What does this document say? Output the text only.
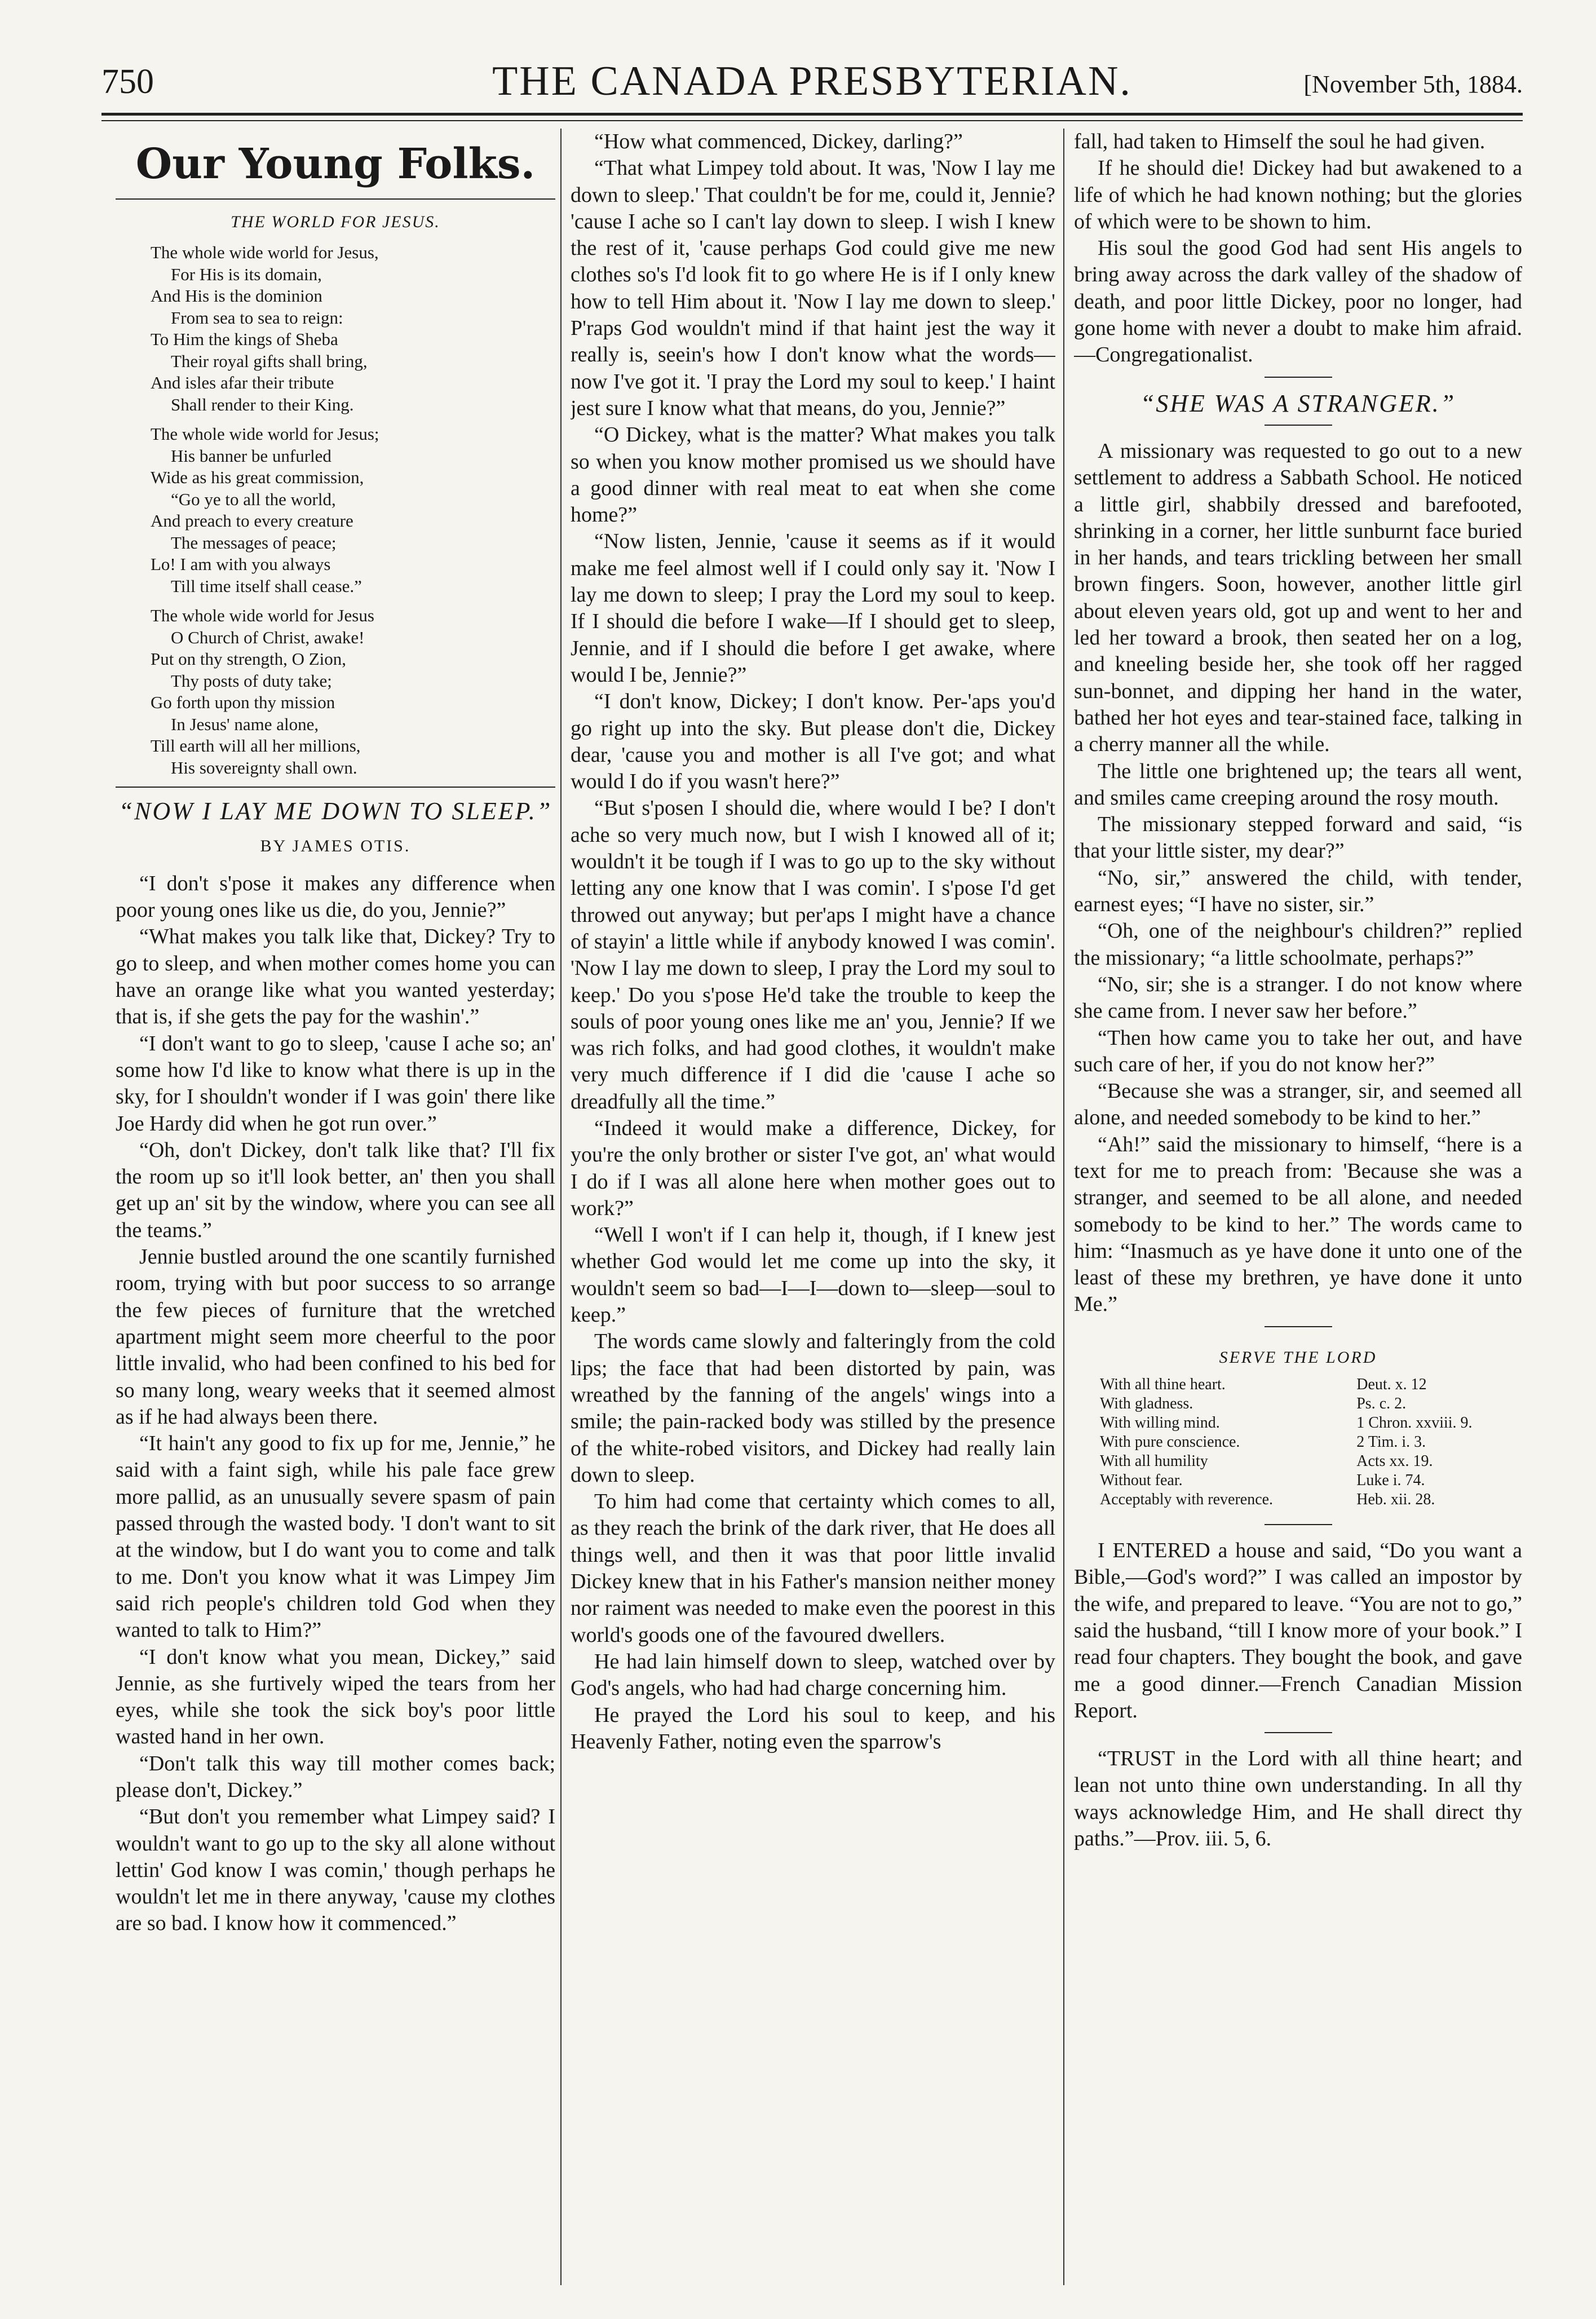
750	THE CANADA PRESBYTERIAN.	[November 5th, 1884.
Our Young Folks.
THE WORLD FOR JESUS.
The whole wide world for Jesus,
For His is its domain,
And His is the dominion
From sea to sea to reign:
To Him the kings of Sheba
Their royal gifts shall bring,
And isles afar their tribute
Shall render to their King.
The whole wide world for Jesus;
His banner be unfurled
Wide as his great commission,
“Go ye to all the world,
And preach to every creature
The messages of peace;
Lo! I am with you always
Till time itself shall cease.”
The whole wide world for Jesus
O Church of Christ, awake!
Put on thy strength, O Zion,
Thy posts of duty take;
Go forth upon thy mission
In Jesus' name alone,
Till earth will all her millions,
His sovereignty shall own.
“NOW I LAY ME DOWN TO SLEEP.”
BY JAMES OTIS.

“I don't s'pose it makes any difference when poor young ones like us die, do you, Jennie?”

“What makes you talk like that, Dickey? Try to go to sleep, and when mother comes home you can have an orange like what you wanted yesterday; that is, if she gets the pay for the washin'.”

“I don't want to go to sleep, 'cause I ache so; an' some how I'd like to know what there is up in the sky, for I shouldn't wonder if I was goin' there like Joe Hardy did when he got run over.”

“Oh, don't Dickey, don't talk like that? I'll fix the room up so it'll look better, an' then you shall get up an' sit by the window, where you can see all the teams.”

Jennie bustled around the one scantily furnished room, trying with but poor success to so arrange the few pieces of furniture that the wretched apartment might seem more cheerful to the poor little invalid, who had been confined to his bed for so many long, weary weeks that it seemed almost as if he had always been there.

“It hain't any good to fix up for me, Jennie,” he said with a faint sigh, while his pale face grew more pallid, as an unusually severe spasm of pain passed through the wasted body. 'I don't want to sit at the window, but I do want you to come and talk to me. Don't you know what it was Limpey Jim said rich people's children told God when they wanted to talk to Him?”

“I don't know what you mean, Dickey,” said Jennie, as she furtively wiped the tears from her eyes, while she took the sick boy's poor little wasted hand in her own.

“Don't talk this way till mother comes back; please don't, Dickey.”

“But don't you remember what Limpey said? I wouldn't want to go up to the sky all alone without lettin' God know I was comin,' though perhaps he wouldn't let me in there anyway, 'cause my clothes are so bad. I know how it commenced.”

“How what commenced, Dickey, darling?”

“That what Limpey told about. It was, 'Now I lay me down to sleep.' That couldn't be for me, could it, Jennie? 'cause I ache so I can't lay down to sleep. I wish I knew the rest of it, 'cause perhaps God could give me new clothes so's I'd look fit to go where He is if I only knew how to tell Him about it. 'Now I lay me down to sleep.' P'raps God wouldn't mind if that haint jest the way it really is, seein's how I don't know what the words—now I've got it. 'I pray the Lord my soul to keep.' I haint jest sure I know what that means, do you, Jennie?”

“O Dickey, what is the matter? What makes you talk so when you know mother promised us we should have a good dinner with real meat to eat when she come home?”

“Now listen, Jennie, 'cause it seems as if it would make me feel almost well if I could only say it. 'Now I lay me down to sleep; I pray the Lord my soul to keep. If I should die before I wake—If I should get to sleep, Jennie, and if I should die before I get awake, where would I be, Jennie?”

“I don't know, Dickey; I don't know. Per-'aps you'd go right up into the sky. But please don't die, Dickey dear, 'cause you and mother is all I've got; and what would I do if you wasn't here?”

“But s'posen I should die, where would I be? I don't ache so very much now, but I wish I knowed all of it; wouldn't it be tough if I was to go up to the sky without letting any one know that I was comin'. I s'pose I'd get throwed out anyway; but per'aps I might have a chance of stayin' a little while if anybody knowed I was comin'. 'Now I lay me down to sleep, I pray the Lord my soul to keep.' Do you s'pose He'd take the trouble to keep the souls of poor young ones like me an' you, Jennie? If we was rich folks, and had good clothes, it wouldn't make very much difference if I did die 'cause I ache so dreadfully all the time.”

“Indeed it would make a difference, Dickey, for you're the only brother or sister I've got, an' what would I do if I was all alone here when mother goes out to work?”

“Well I won't if I can help it, though, if I knew jest whether God would let me come up into the sky, it wouldn't seem so bad—I—I—down to—sleep—soul to keep.”

The words came slowly and falteringly from the cold lips; the face that had been distorted by pain, was wreathed by the fanning of the angels' wings into a smile; the pain-racked body was stilled by the presence of the white-robed visitors, and Dickey had really lain down to sleep.

To him had come that certainty which comes to all, as they reach the brink of the dark river, that He does all things well, and then it was that poor little invalid Dickey knew that in his Father's mansion neither money nor raiment was needed to make even the poorest in this world's goods one of the favoured dwellers.

He had lain himself down to sleep, watched over by God's angels, who had had charge concerning him.

He prayed the Lord his soul to keep, and his Heavenly Father, noting even the sparrow's

fall, had taken to Himself the soul he had given.

If he should die! Dickey had but awakened to a life of which he had known nothing; but the glories of which were to be shown to him.

His soul the good God had sent His angels to bring away across the dark valley of the shadow of death, and poor little Dickey, poor no longer, had gone home with never a doubt to make him afraid.—Congregationalist.

“SHE WAS A STRANGER.”

A missionary was requested to go out to a new settlement to address a Sabbath School. He noticed a little girl, shabbily dressed and barefooted, shrinking in a corner, her little sunburnt face buried in her hands, and tears trickling between her small brown fingers. Soon, however, another little girl about eleven years old, got up and went to her and led her toward a brook, then seated her on a log, and kneeling beside her, she took off her ragged sun-bonnet, and dipping her hand in the water, bathed her hot eyes and tear-stained face, talking in a cherry manner all the while.

The little one brightened up; the tears all went, and smiles came creeping around the rosy mouth.

The missionary stepped forward and said, “is that your little sister, my dear?”

“No, sir,” answered the child, with tender, earnest eyes; “I have no sister, sir.”

“Oh, one of the neighbour's children?” replied the missionary; “a little schoolmate, perhaps?”

“No, sir; she is a stranger. I do not know where she came from. I never saw her before.”

“Then how came you to take her out, and have such care of her, if you do not know her?”

“Because she was a stranger, sir, and seemed all alone, and needed somebody to be kind to her.”

“Ah!” said the missionary to himself, “here is a text for me to preach from: 'Because she was a stranger, and seemed to be all alone, and needed somebody to be kind to her.” The words came to him: “Inasmuch as ye have done it unto one of the least of these my brethren, ye have done it unto Me.”

SERVE THE LORD
With all thine heart.	Deut. x. 12
With gladness.	Ps. c. 2.
With willing mind.	1 Chron. xxviii. 9.
With pure conscience.	2 Tim. i. 3.
With all humility	Acts xx. 19.
Without fear.	Luke i. 74.
Acceptably with reverence.	Heb. xii. 28.

I ENTERED a house and said, “Do you want a Bible,—God's word?” I was called an impostor by the wife, and prepared to leave. “You are not to go,” said the husband, “till I know more of your book.” I read four chapters. They bought the book, and gave me a good dinner.—French Canadian Mission Report.

“TRUST in the Lord with all thine heart; and lean not unto thine own understanding. In all thy ways acknowledge Him, and He shall direct thy paths.”—Prov. iii. 5, 6.
